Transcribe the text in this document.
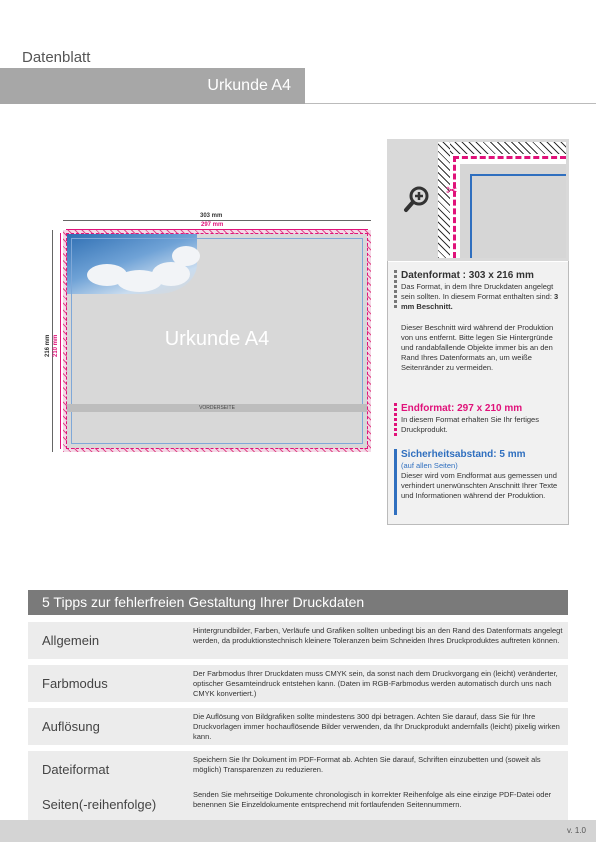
Datenblatt
Urkunde A4
303 mm
297 mm
216 mm 210 mm	Urkunde A4
VORDERSEITE
✂
Datenformat : 303 x 216 mm
Das Format, in dem Ihre Druckdaten angelegt sein sollten. In diesem Format enthalten sind: 3 mm Beschnitt.
Dieser Beschnitt wird während der Produktion von uns entfernt. Bitte legen Sie Hintergründe und randabfallende Objekte immer bis an den Rand Ihres Datenformats an, um weiße Seitenränder zu vermeiden.
Endformat: 297 x 210 mm
In diesem Format erhalten Sie Ihr fertiges Druckprodukt.
Sicherheitsabstand: 5 mm
(auf allen Seiten)
Dieser wird vom Endformat aus gemessen und verhindert unerwünschten Anschnitt Ihrer Texte und Informationen während der Produktion.
5 Tipps zur fehlerfreien Gestaltung Ihrer Druckdaten
Allgemein
Hintergrundbilder, Farben, Verläufe und Grafiken sollten unbedingt bis an den Rand des Datenformats angelegt werden, da produktionstechnisch kleinere Toleranzen beim Schneiden Ihres Druckproduktes auftreten können.
Farbmodus
Der Farbmodus Ihrer Druckdaten muss CMYK sein, da sonst nach dem Druckvorgang ein (leicht) veränderter, optischer Gesamteindruck entstehen kann. (Daten im RGB-Farbmodus werden automatisch durch uns nach CMYK konvertiert.)
Auflösung
Die Auflösung von Bildgrafiken sollte mindestens 300 dpi betragen. Achten Sie darauf, dass Sie für Ihre Druckvorlagen immer hochauflösende Bilder verwenden, da Ihr Druckprodukt andernfalls (leicht) pixelig wirken kann.
Dateiformat
Speichern Sie Ihr Dokument im PDF-Format ab. Achten Sie darauf, Schriften einzubetten und (soweit als möglich) Transparenzen zu reduzieren.
Seiten(-reihenfolge)
Senden Sie mehrseitige Dokumente chronologisch in korrekter Reihenfolge als eine einzige PDF-Datei oder benennen Sie Einzeldokumente entsprechend mit fortlaufenden Seitennummern.
v. 1.0
